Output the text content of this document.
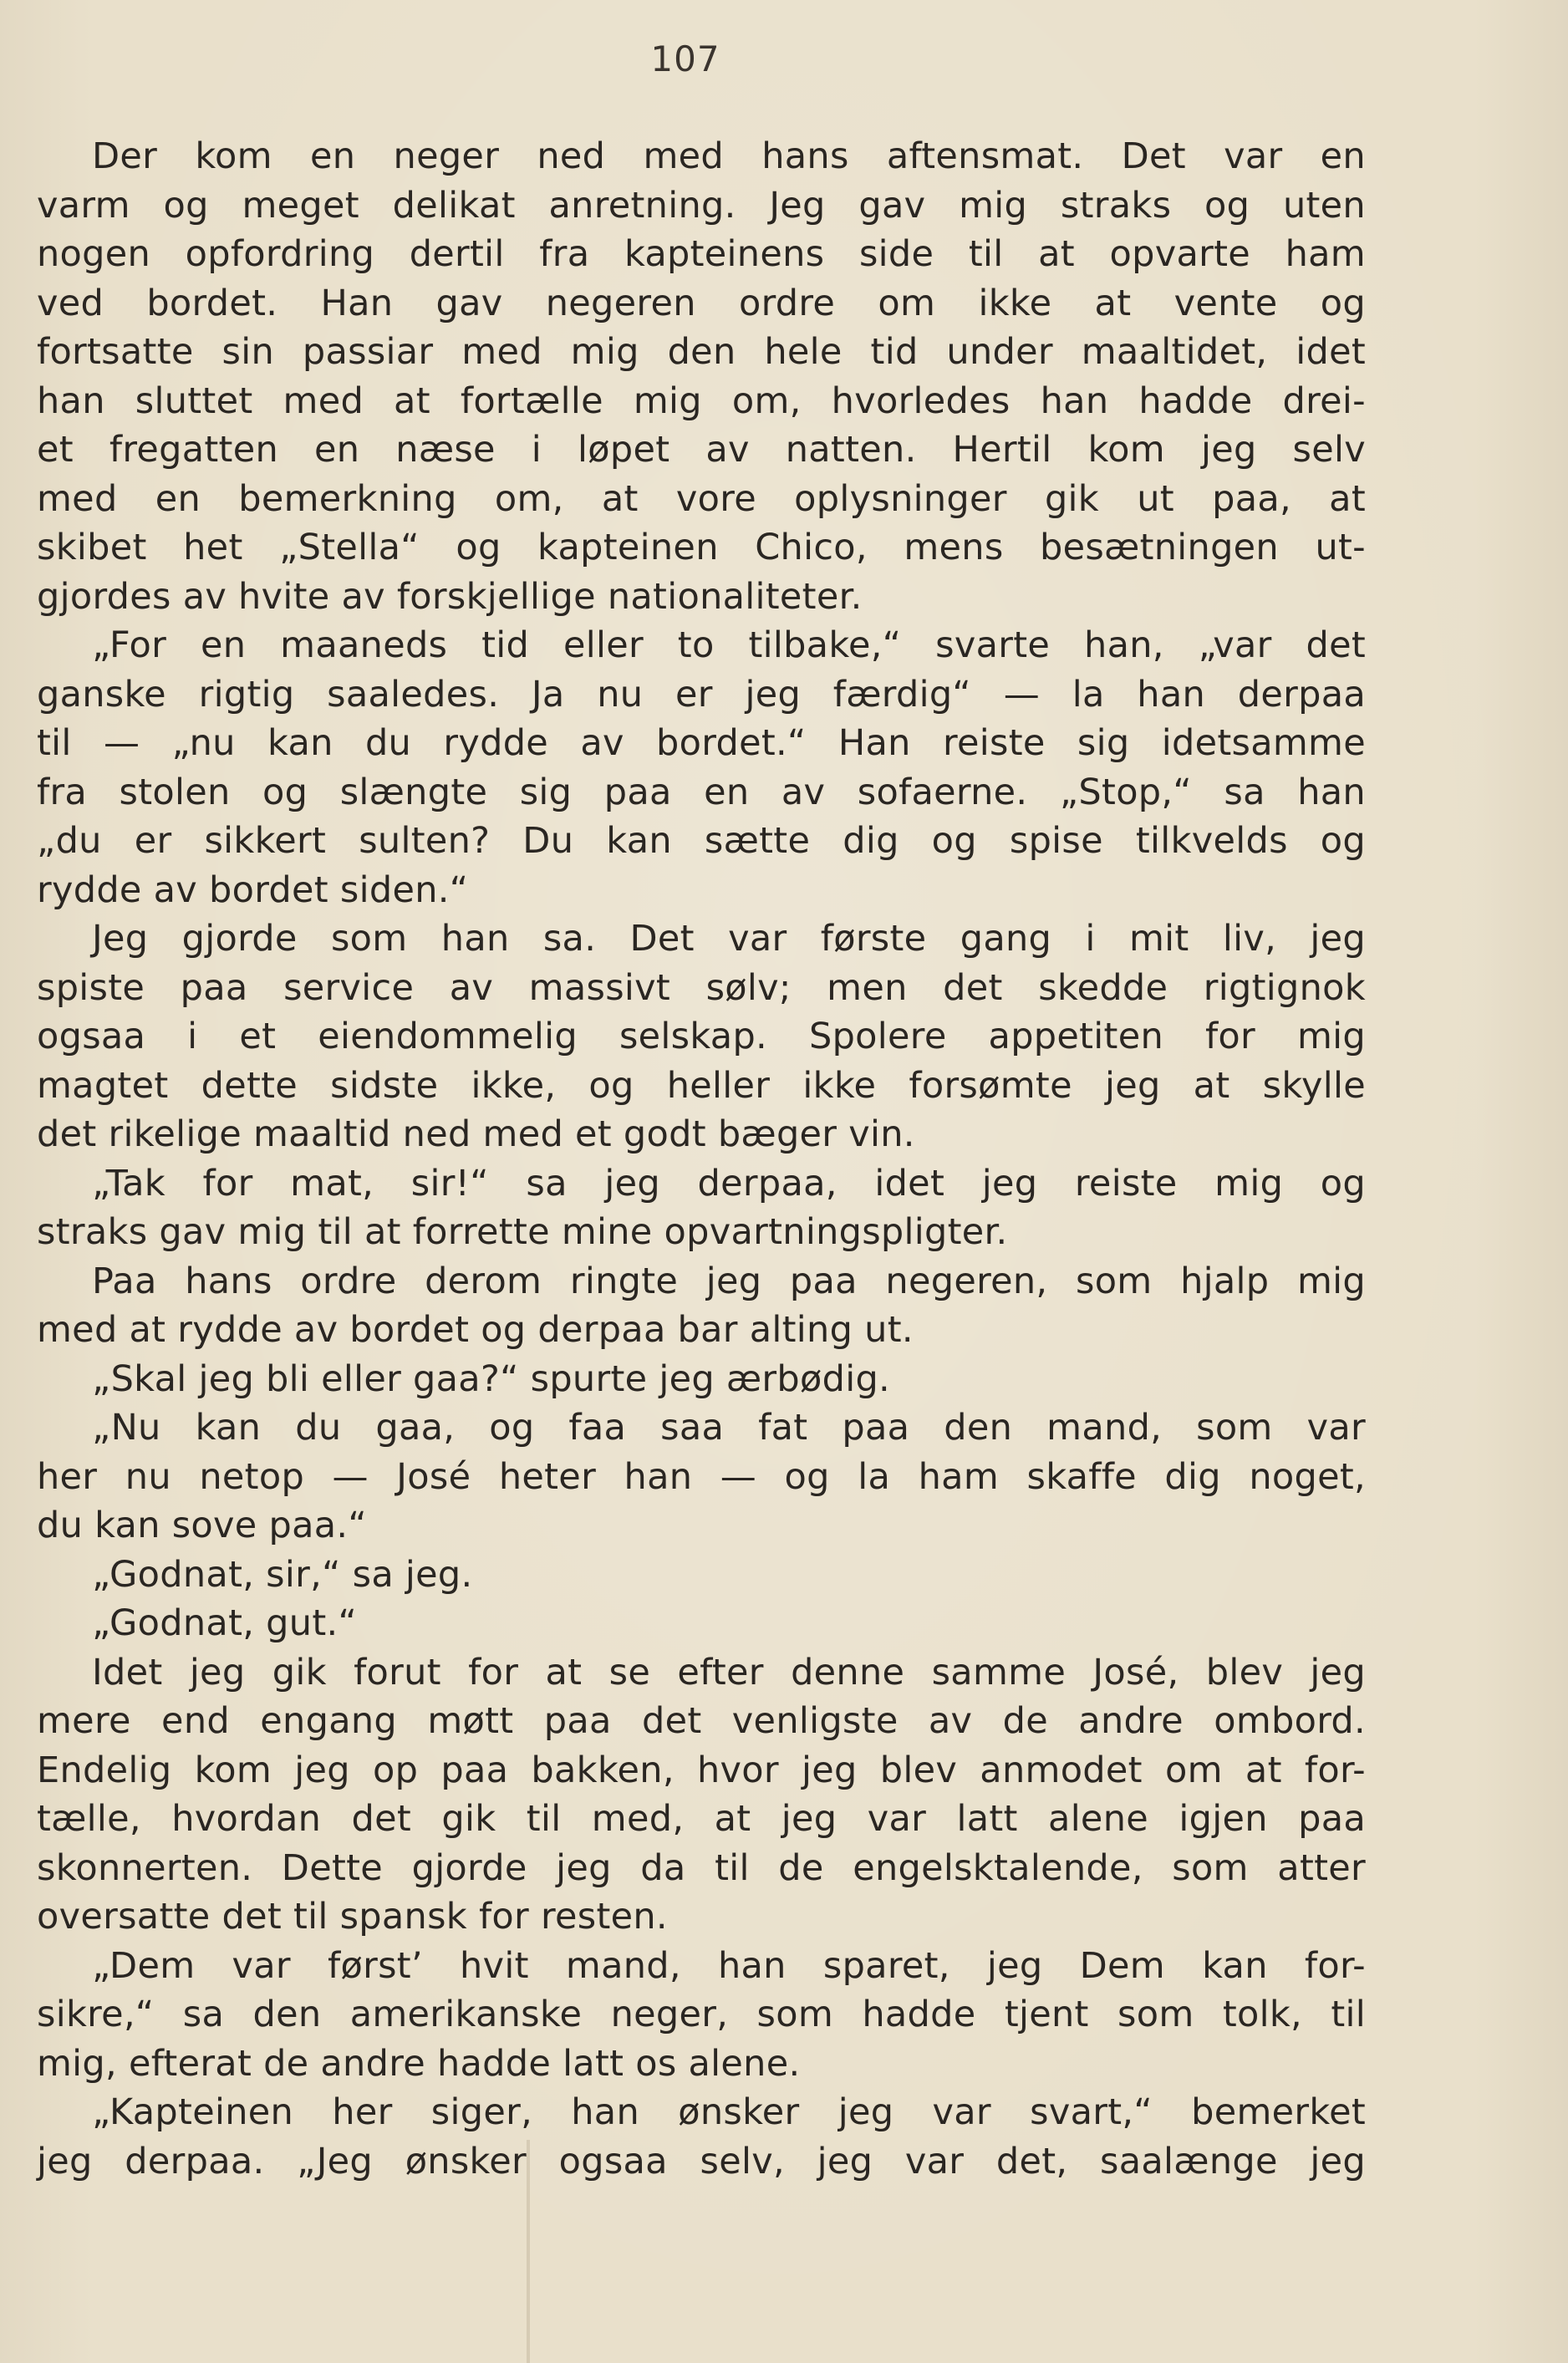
107
Der kom en neger ned med hans aftensmat. Det var en
varm og meget delikat anretning. Jeg gav mig straks og uten
nogen opfordring dertil fra kapteinens side til at opvarte ham
ved bordet. Han gav negeren ordre om ikke at vente og
fortsatte sin passiar med mig den hele tid under maaltidet, idet
han sluttet med at fortælle mig om, hvorledes han hadde drei-
et fregatten en næse i løpet av natten. Hertil kom jeg selv
med en bemerkning om, at vore oplysninger gik ut paa, at
skibet het „Stella“ og kapteinen Chico, mens besætningen ut-
gjordes av hvite av forskjellige nationaliteter.
„For en maaneds tid eller to tilbake,“ svarte han, „var det
ganske rigtig saaledes. Ja nu er jeg færdig“ — la han derpaa
til — „nu kan du rydde av bordet.“ Han reiste sig idetsamme
fra stolen og slængte sig paa en av sofaerne. „Stop,“ sa han
„du er sikkert sulten? Du kan sætte dig og spise tilkvelds og
rydde av bordet siden.“
Jeg gjorde som han sa. Det var første gang i mit liv, jeg
spiste paa service av massivt sølv; men det skedde rigtignok
ogsaa i et eiendommelig selskap. Spolere appetiten for mig
magtet dette sidste ikke, og heller ikke forsømte jeg at skylle
det rikelige maaltid ned med et godt bæger vin.
„Tak for mat, sir!“ sa jeg derpaa, idet jeg reiste mig og
straks gav mig til at forrette mine opvartningspligter.
Paa hans ordre derom ringte jeg paa negeren, som hjalp mig
med at rydde av bordet og derpaa bar alting ut.
„Skal jeg bli eller gaa?“ spurte jeg ærbødig.
„Nu kan du gaa, og faa saa fat paa den mand, som var
her nu netop — José heter han — og la ham skaffe dig noget,
du kan sove paa.“
„Godnat, sir,“ sa jeg.
„Godnat, gut.“
Idet jeg gik forut for at se efter denne samme José, blev jeg
mere end engang møtt paa det venligste av de andre ombord.
Endelig kom jeg op paa bakken, hvor jeg blev anmodet om at for-
tælle, hvordan det gik til med, at jeg var latt alene igjen paa
skonnerten. Dette gjorde jeg da til de engelsktalende, som atter
oversatte det til spansk for resten.
„Dem var først’ hvit mand, han sparet, jeg Dem kan for-
sikre,“ sa den amerikanske neger, som hadde tjent som tolk, til
mig, efterat de andre hadde latt os alene.
„Kapteinen her siger, han ønsker jeg var svart,“ bemerket
jeg derpaa. „Jeg ønsker ogsaa selv, jeg var det, saalænge jeg
